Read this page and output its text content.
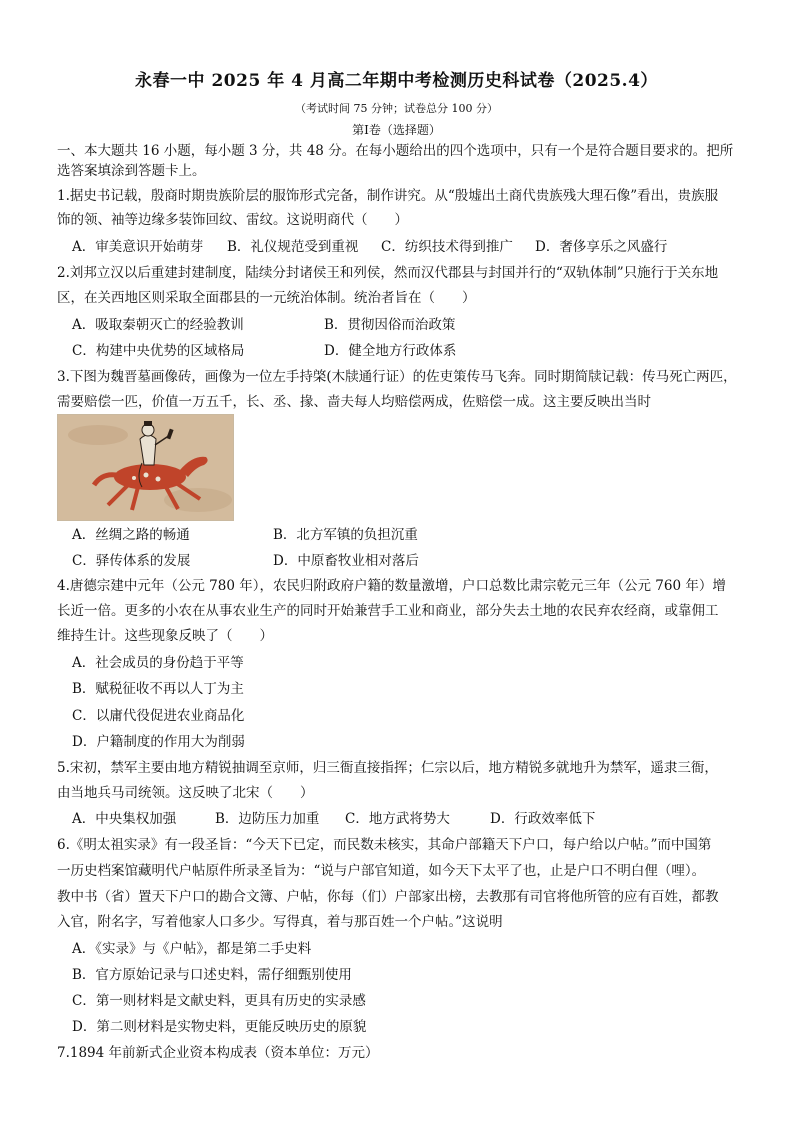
永春一中 2025 年 4 月高二年期中考检测历史科试卷（2025.4）
（考试时间 75 分钟；试卷总分 100 分）
第Ⅰ卷（选择题）
一、本大题共 16 小题，每小题 3 分，共 48 分。在每小题给出的四个选项中，只有一个是符合题目要求的。把所
选答案填涂到答题卡上。
1.据史书记载，殷商时期贵族阶层的服饰形式完备，制作讲究。从“殷墟出土商代贵族残大理石像”看出，贵族服
饰的领、袖等边缘多装饰回纹、雷纹。这说明商代（　　）
A．审美意识开始萌芽 B．礼仪规范受到重视 C．纺织技术得到推广 D．奢侈享乐之风盛行
2.刘邦立汉以后重建封建制度，陆续分封诸侯王和列侯，然而汉代郡县与封国并行的“双轨体制”只施行于关东地
区，在关西地区则采取全面郡县的一元统治体制。统治者旨在（　　）
A．吸取秦朝灭亡的经验教训	B．贯彻因俗而治政策
C．构建中央优势的区域格局	D．健全地方行政体系
3.下图为魏晋墓画像砖，画像为一位左手持棨(木牍通行证）的佐吏策传马飞奔。同时期简牍记载：传马死亡两匹，
需要赔偿一匹，价值一万五千，长、丞、掾、啬夫每人均赔偿两成，佐赔偿一成。这主要反映出当时
A．丝绸之路的畅通	B．北方军镇的负担沉重
C．驿传体系的发展	D．中原畜牧业相对落后
4.唐德宗建中元年（公元 780 年），农民归附政府户籍的数量激增，户口总数比肃宗乾元三年（公元 760 年）增
长近一倍。更多的小农在从事农业生产的同时开始兼营手工业和商业，部分失去土地的农民弃农经商，或靠佣工
维持生计。这些现象反映了（　　）
A．社会成员的身份趋于平等
B．赋税征收不再以人丁为主
C．以庸代役促进农业商品化
D．户籍制度的作用大为削弱
5.宋初，禁军主要由地方精锐抽调至京师，归三衙直接指挥；仁宗以后，地方精锐多就地升为禁军，遥隶三衙，
由当地兵马司统领。这反映了北宋（　　）
A．中央集权加强	B．边防压力加重 C．地方武将势大	D．行政效率低下
6.《明太祖实录》有一段圣旨：“今天下已定，而民数未核实，其命户部籍天下户口，每户给以户帖。”而中国第
一历史档案馆藏明代户帖原件所录圣旨为：“说与户部官知道，如今天下太平了也，止是户口不明白俚（哩）。
教中书（省）置天下户口的勘合文簿、户帖，你每（们）户部家出榜，去教那有司官将他所管的应有百姓，都教
入官，附名字，写着他家人口多少。写得真，着与那百姓一个户帖。”这说明
A．《实录》与《户帖》，都是第二手史料
B．官方原始记录与口述史料，需仔细甄别使用
C．第一则材料是文献史料，更具有历史的实录感
D．第二则材料是实物史料，更能反映历史的原貌
7.1894 年前新式企业资本构成表（资本单位：万元）
